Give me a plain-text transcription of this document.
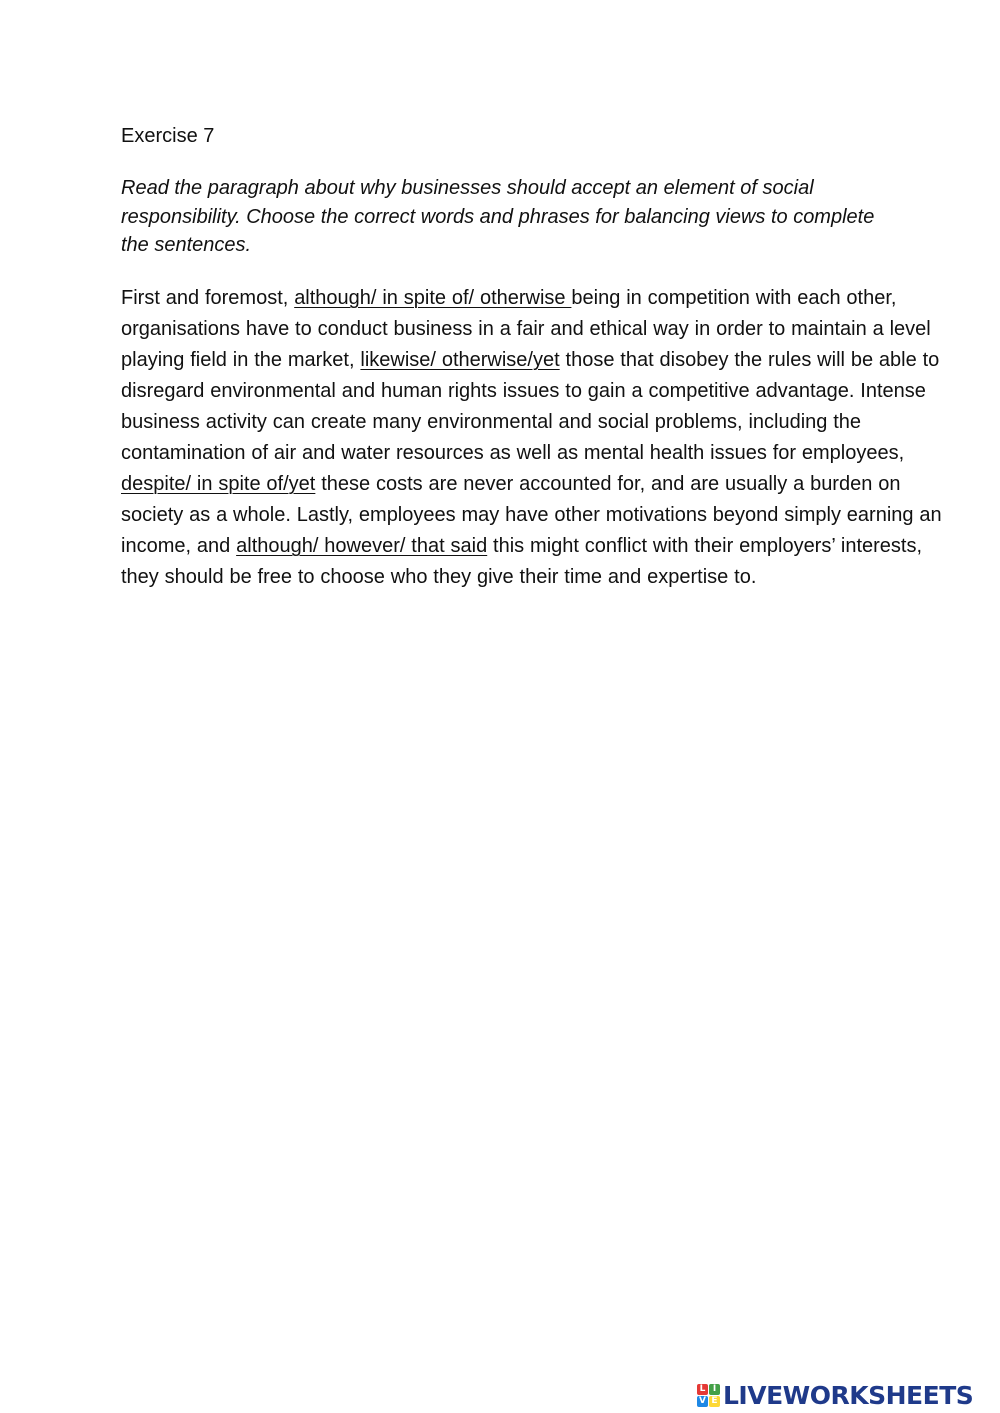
Exercise 7

Read the paragraph about why businesses should accept an element of social responsibility. Choose the correct words and phrases for balancing views to complete the sentences.

First and foremost, although/ in spite of/ otherwise being in competition with each other, organisations have to conduct business in a fair and ethical way in order to maintain a level playing field in the market, likewise/ otherwise/yet those that disobey the rules will be able to disregard environmental and human rights issues to gain a competitive advantage. Intense business activity can create many environmental and social problems, including the contamination of air and water resources as well as mental health issues for employees, despite/ in spite of/yet these costs are never accounted for, and are usually a burden on society as a whole. Lastly, employees may have other motivations beyond simply earning an income, and although/ however/ that said this might conflict with their employers’ interests, they should be free to choose who they give their time and expertise to.

L I
V E LIVEWORKSHEETS
